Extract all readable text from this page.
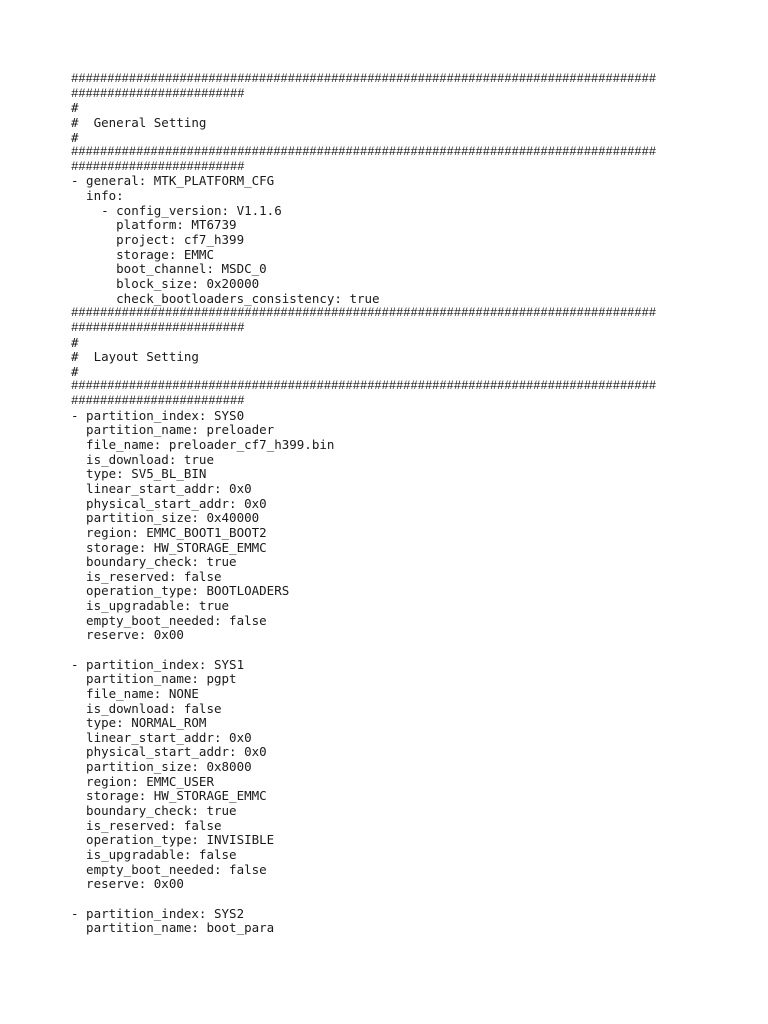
#################################################################################
########################
#
#  General Setting
#
#################################################################################
########################
- general: MTK_PLATFORM_CFG
info:
- config_version: V1.1.6
platform: MT6739
project: cf7_h399
storage: EMMC
boot_channel: MSDC_0
block_size: 0x20000
check_bootloaders_consistency: true
#################################################################################
########################
#
#  Layout Setting
#
#################################################################################
########################
- partition_index: SYS0
partition_name: preloader
file_name: preloader_cf7_h399.bin
is_download: true
type: SV5_BL_BIN
linear_start_addr: 0x0
physical_start_addr: 0x0
partition_size: 0x40000
region: EMMC_BOOT1_BOOT2
storage: HW_STORAGE_EMMC
boundary_check: true
is_reserved: false
operation_type: BOOTLOADERS
is_upgradable: true
empty_boot_needed: false
reserve: 0x00
- partition_index: SYS1
partition_name: pgpt
file_name: NONE
is_download: false
type: NORMAL_ROM
linear_start_addr: 0x0
physical_start_addr: 0x0
partition_size: 0x8000
region: EMMC_USER
storage: HW_STORAGE_EMMC
boundary_check: true
is_reserved: false
operation_type: INVISIBLE
is_upgradable: false
empty_boot_needed: false
reserve: 0x00
- partition_index: SYS2
partition_name: boot_para
